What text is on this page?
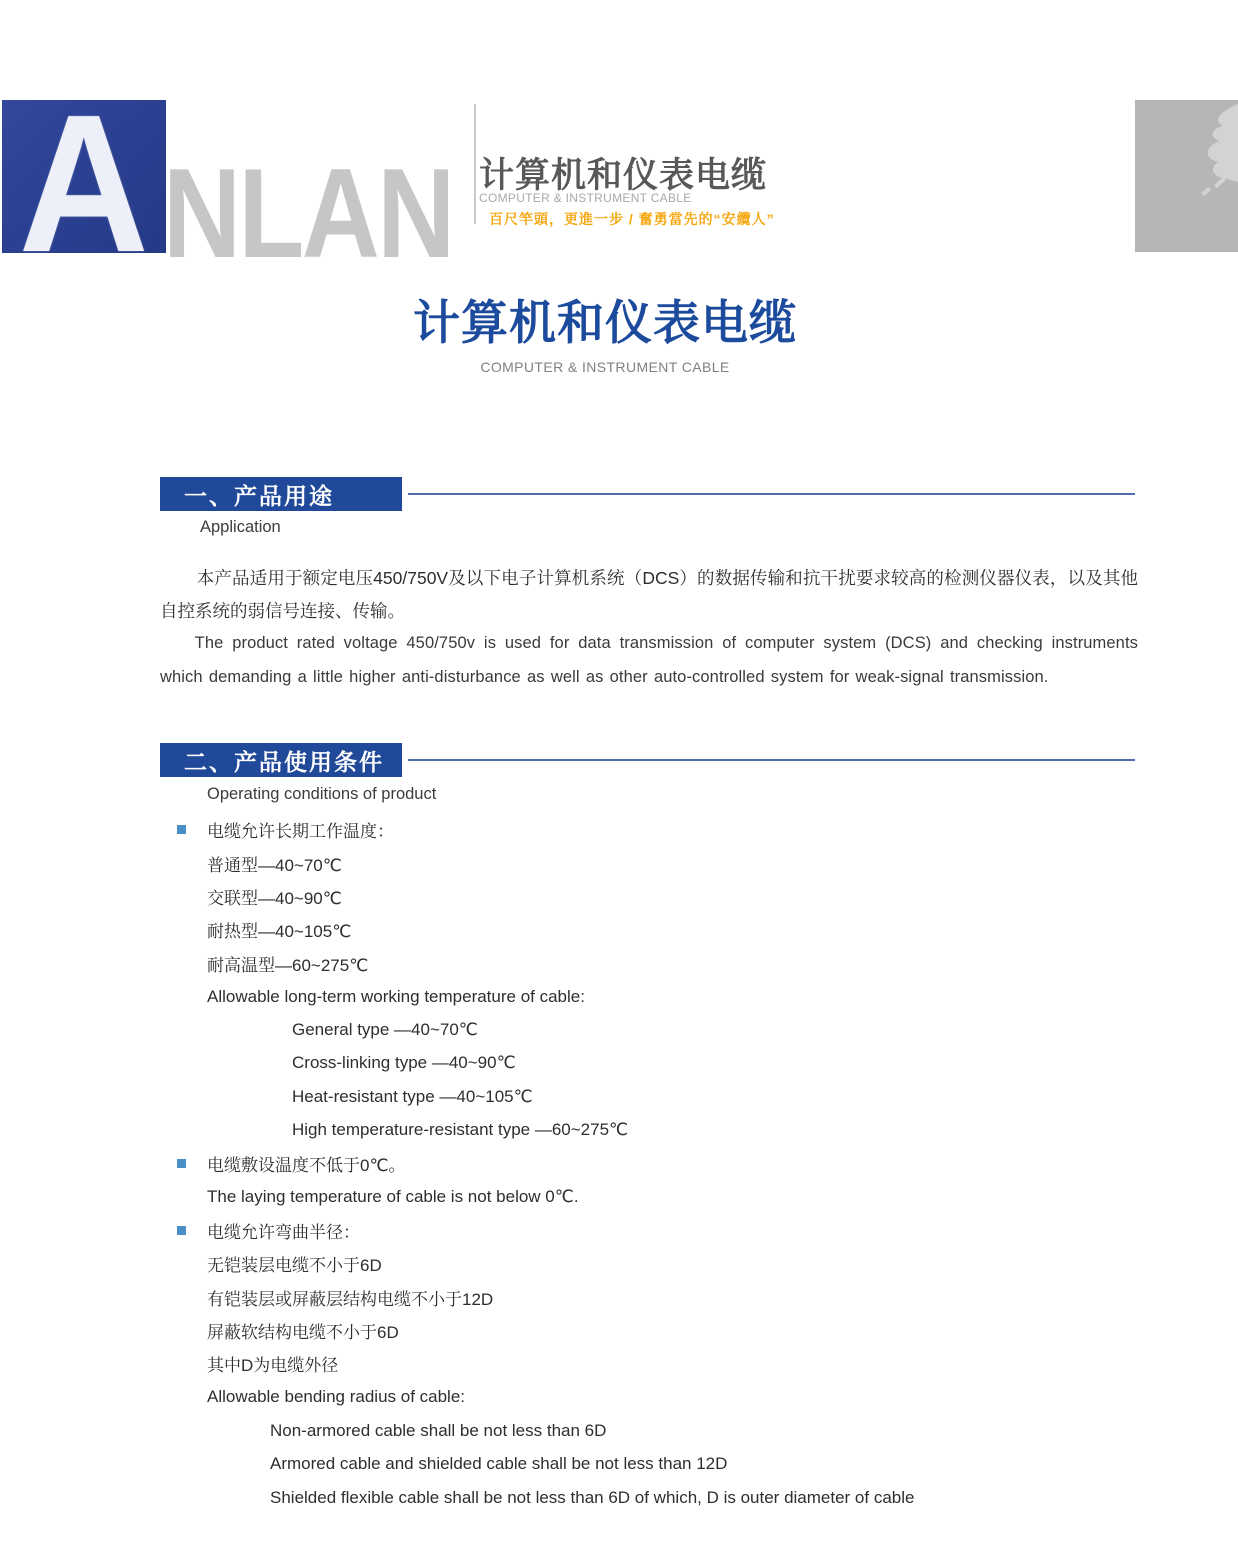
A NLAN 计算机和仪表电缆
COMPUTER & INSTRUMENT CABLE
百尺竿頭，更進一步 / 奮勇當先的“安纜人”
计算机和仪表电缆
COMPUTER & INSTRUMENT CABLE
一、产品用途
Application

本产品适用于额定电压450/750V及以下电子计算机系统（DCS）的数据传输和抗干扰要求较高的检测仪器仪表，以及其他自控系统的弱信号连接、传输。

The product rated voltage 450/750v is used for data transmission of computer system (DCS) and checking instruments which demanding a little higher anti-disturbance as well as other auto-controlled system for weak-signal transmission.

二、产品使用条件
Operating conditions of product
电缆允许长期工作温度：
普通型—40~70℃
交联型—40~90℃
耐热型—40~105℃
耐高温型—60~275℃
Allowable long-term working temperature of cable:
General type —40~70℃
Cross-linking type —40~90℃
Heat-resistant type —40~105℃
High temperature-resistant type —60~275℃
电缆敷设温度不低于0℃。
The laying temperature of cable is not below 0℃.
电缆允许弯曲半径：
无铠装层电缆不小于6D
有铠装层或屏蔽层结构电缆不小于12D
屏蔽软结构电缆不小于6D
其中D为电缆外径
Allowable bending radius of cable:
Non-armored cable shall be not less than 6D
Armored cable and shielded cable shall be not less than 12D
Shielded flexible cable shall be not less than 6D of which, D is outer diameter of cable
